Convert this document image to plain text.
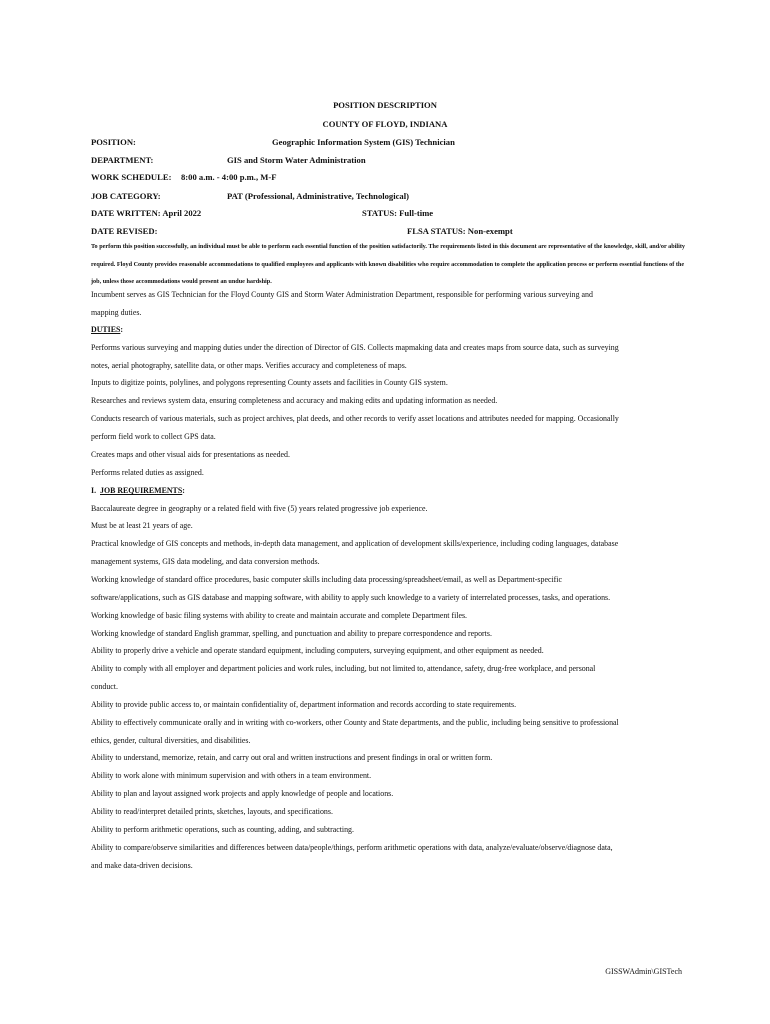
POSITION DESCRIPTION
COUNTY OF FLOYD, INDIANA
POSITION:	Geographic Information System (GIS) Technician
DEPARTMENT:	GIS and Storm Water Administration
WORK SCHEDULE: 8:00 a.m. - 4:00 p.m., M-F
JOB CATEGORY:	PAT (Professional, Administrative, Technological)
DATE WRITTEN: April 2022	STATUS: Full-time
DATE REVISED:	FLSA STATUS: Non-exempt
To perform this position successfully, an individual must be able to perform each essential function of the position satisfactorily. The requirements listed in this document are representative of the knowledge, skill, and/or ability required. Floyd County provides reasonable accommodations to qualified employees and applicants with known disabilities who require accommodation to complete the application process or perform essential functions of the job, unless those accommodations would present an undue hardship.
Incumbent serves as GIS Technician for the Floyd County GIS and Storm Water Administration Department, responsible for performing various surveying and
mapping duties.
DUTIES:
Performs various surveying and mapping duties under the direction of Director of GIS. Collects mapmaking data and creates maps from source data, such as surveying
notes, aerial photography, satellite data, or other maps. Verifies accuracy and completeness of maps.
Inputs to digitize points, polylines, and polygons representing County assets and facilities in County GIS system.
Researches and reviews system data, ensuring completeness and accuracy and making edits and updating information as needed.
Conducts research of various materials, such as project archives, plat deeds, and other records to verify asset locations and attributes needed for mapping. Occasionally
perform field work to collect GPS data.
Creates maps and other visual aids for presentations as needed.
Performs related duties as assigned.
I. JOB REQUIREMENTS:
Baccalaureate degree in geography or a related field with five (5) years related progressive job experience.
Must be at least 21 years of age.
Practical knowledge of GIS concepts and methods, in-depth data management, and application of development skills/experience, including coding languages, database
management systems, GIS data modeling, and data conversion methods.
Working knowledge of standard office procedures, basic computer skills including data processing/spreadsheet/email, as well as Department-specific
software/applications, such as GIS database and mapping software, with ability to apply such knowledge to a variety of interrelated processes, tasks, and operations.
Working knowledge of basic filing systems with ability to create and maintain accurate and complete Department files.
Working knowledge of standard English grammar, spelling, and punctuation and ability to prepare correspondence and reports.
Ability to properly drive a vehicle and operate standard equipment, including computers, surveying equipment, and other equipment as needed.
Ability to comply with all employer and department policies and work rules, including, but not limited to, attendance, safety, drug-free workplace, and personal
conduct.
Ability to provide public access to, or maintain confidentiality of, department information and records according to state requirements.
Ability to effectively communicate orally and in writing with co-workers, other County and State departments, and the public, including being sensitive to professional
ethics, gender, cultural diversities, and disabilities.
Ability to understand, memorize, retain, and carry out oral and written instructions and present findings in oral or written form.
Ability to work alone with minimum supervision and with others in a team environment.
Ability to plan and layout assigned work projects and apply knowledge of people and locations.
Ability to read/interpret detailed prints, sketches, layouts, and specifications.
Ability to perform arithmetic operations, such as counting, adding, and subtracting.
Ability to compare/observe similarities and differences between data/people/things, perform arithmetic operations with data, analyze/evaluate/observe/diagnose data,
and make data-driven decisions.
GISSWAdmin\GISTech
